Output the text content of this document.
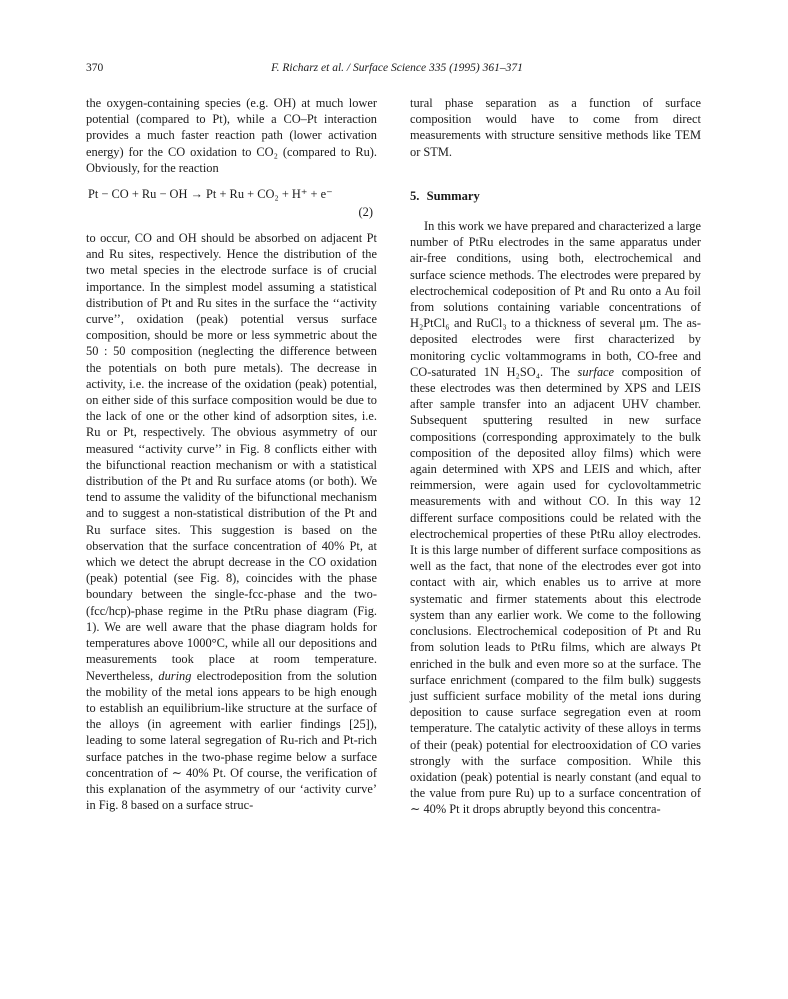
370	F. Richarz et al. / Surface Science 335 (1995) 361–371

the oxygen-containing species (e.g. OH) at much lower potential (compared to Pt), while a CO–Pt interaction provides a much faster reaction path (lower activation energy) for the CO oxidation to CO₂ (compared to Ru). Obviously, for the reaction

Pt − CO + Ru − OH → Pt + Ru + CO₂ + H⁺ + e⁻
(2)

to occur, CO and OH should be absorbed on adjacent Pt and Ru sites, respectively. Hence the distribution of the two metal species in the electrode surface is of crucial importance. In the simplest model assuming a statistical distribution of Pt and Ru sites in the surface the ‘‘activity curve’’, oxidation (peak) potential versus surface composition, should be more or less symmetric about the 50 : 50 composition (neglecting the difference between the potentials on both pure metals). The decrease in activity, i.e. the increase of the oxidation (peak) potential, on either side of this surface composition would be due to the lack of one or the other kind of adsorption sites, i.e. Ru or Pt, respectively. The obvious asymmetry of our measured ‘‘activity curve’’ in Fig. 8 conflicts either with the bifunctional reaction mechanism or with a statistical distribution of the Pt and Ru surface atoms (or both). We tend to assume the validity of the bifunctional mechanism and to suggest a non-statistical distribution of the Pt and Ru surface sites. This suggestion is based on the observation that the surface concentration of 40% Pt, at which we detect the abrupt decrease in the CO oxidation (peak) potential (see Fig. 8), coincides with the phase boundary between the single-fcc-phase and the two-(fcc/hcp)-phase regime in the PtRu phase diagram (Fig. 1). We are well aware that the phase diagram holds for temperatures above 1000°C, while all our depositions and measurements took place at room temperature. Nevertheless, during electrodeposition from the solution the mobility of the metal ions appears to be high enough to establish an equilibrium-like structure at the surface of the alloys (in agreement with earlier findings [25]), leading to some lateral segregation of Ru-rich and Pt-rich surface patches in the two-phase regime below a surface concentration of ∼ 40% Pt. Of course, the verification of this explanation of the asymmetry of our ‘activity curve’ in Fig. 8 based on a surface struc-

tural phase separation as a function of surface composition would have to come from direct measurements with structure sensitive methods like TEM or STM.

5. Summary

In this work we have prepared and characterized a large number of PtRu electrodes in the same apparatus under air-free conditions, using both, electrochemical and surface science methods. The electrodes were prepared by electrochemical codeposition of Pt and Ru onto a Au foil from solutions containing variable concentrations of H₂PtCl₆ and RuCl₃ to a thickness of several μm. The as-deposited electrodes were first characterized by monitoring cyclic voltammograms in both, CO-free and CO-saturated 1N H₂SO₄. The surface composition of these electrodes was then determined by XPS and LEIS after sample transfer into an adjacent UHV chamber. Subsequent sputtering resulted in new surface compositions (corresponding approximately to the bulk composition of the deposited alloy films) which were again determined with XPS and LEIS and which, after reimmersion, were again used for cyclovoltammetric measurements with and without CO. In this way 12 different surface compositions could be related with the electrochemical properties of these PtRu alloy electrodes. It is this large number of different surface compositions as well as the fact, that none of the electrodes ever got into contact with air, which enables us to arrive at more systematic and firmer statements about this electrode system than any earlier work. We come to the following conclusions. Electrochemical codeposition of Pt and Ru from solution leads to PtRu films, which are always Pt enriched in the bulk and even more so at the surface. The surface enrichment (compared to the film bulk) suggests just sufficient surface mobility of the metal ions during deposition to cause surface segregation even at room temperature. The catalytic activity of these alloys in terms of their (peak) potential for electrooxidation of CO varies strongly with the surface composition. While this oxidation (peak) potential is nearly constant (and equal to the value from pure Ru) up to a surface concentration of ∼ 40% Pt it drops abruptly beyond this concentra-
